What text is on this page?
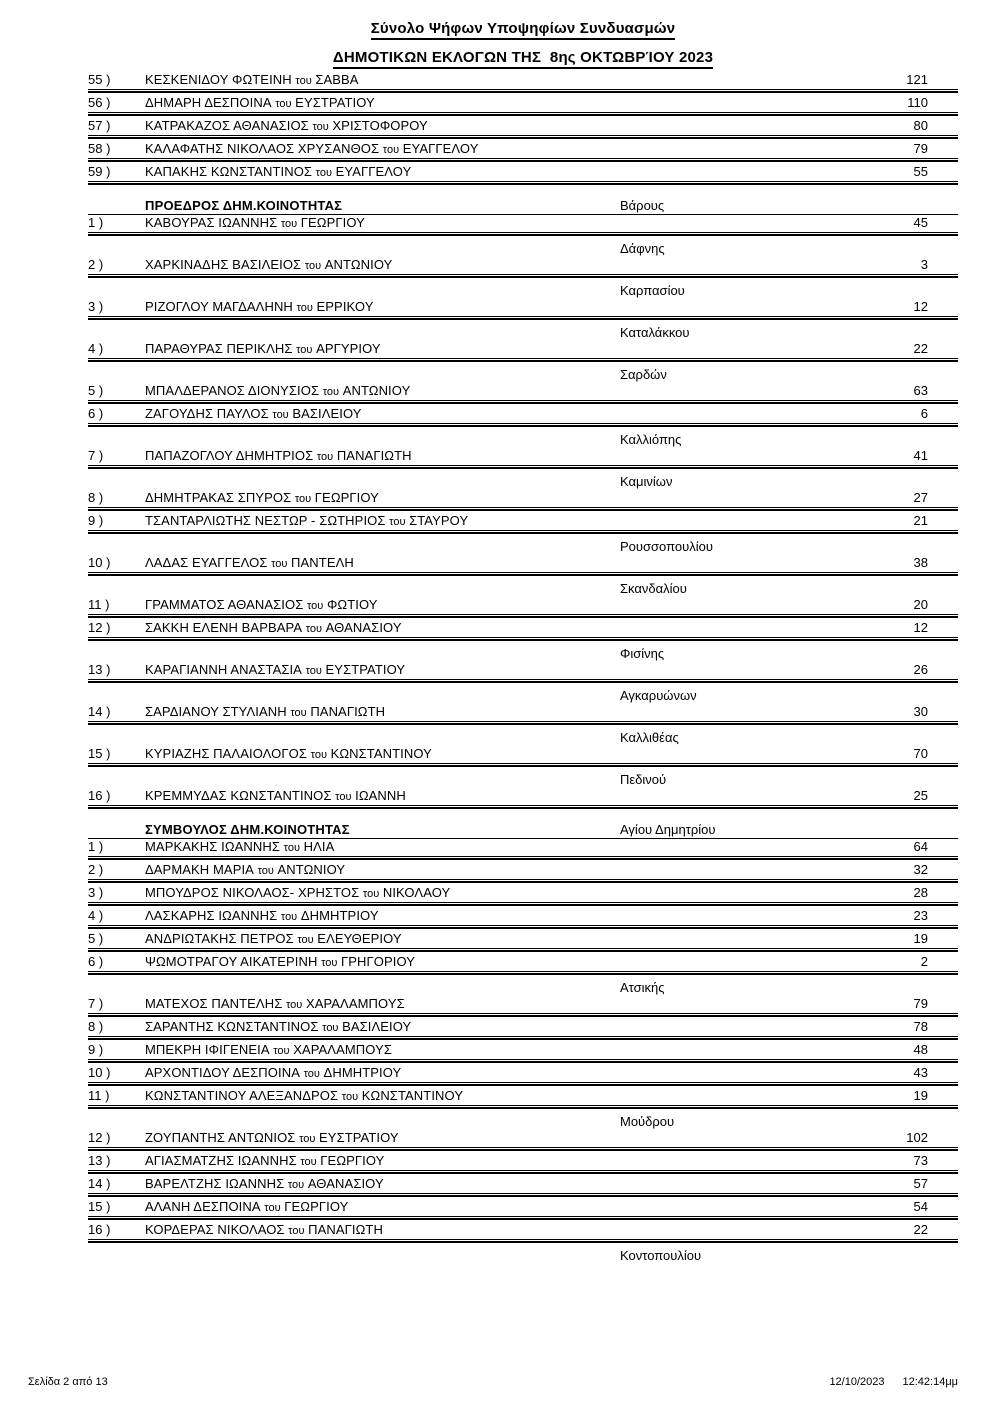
Σύνολο Ψήφων Υποψηφίων Συνδυασμών
ΔΗΜΟΤΙΚΩΝ ΕΚΛΟΓΩΝ ΤΗΣ  8ης ΟΚΤΩΒΡΊΟΥ 2023
55 )	ΚΕΣΚΕΝΙΔΟΥ ΦΩΤΕΙΝΗ του ΣΑΒΒΑ	121
56 )	ΔΗΜΑΡΗ ΔΕΣΠΟΙΝΑ του ΕΥΣΤΡΑΤΙΟΥ	110
57 )	ΚΑΤΡΑΚΑΖΟΣ ΑΘΑΝΑΣΙΟΣ του ΧΡΙΣΤΟΦΟΡΟΥ	80
58 )	ΚΑΛΑΦΑΤΗΣ ΝΙΚΟΛΑΟΣ ΧΡΥΣΑΝΘΟΣ του ΕΥΑΓΓΕΛΟΥ	79
59 )	ΚΑΠΑΚΗΣ ΚΩΝΣΤΑΝΤΙΝΟΣ του ΕΥΑΓΓΕΛΟΥ	55
ΠΡΟΕΔΡΟΣ ΔΗΜ.ΚΟΙΝΟΤΗΤΑΣ	Βάρους
1 )	ΚΑΒΟΥΡΑΣ ΙΩΑΝΝΗΣ του ΓΕΩΡΓΙΟΥ	45
Δάφνης
2 )	ΧΑΡΚΙΝΑΔΗΣ ΒΑΣΙΛΕΙΟΣ του ΑΝΤΩΝΙΟΥ	3
Καρπασίου
3 )	ΡΙΖΟΓΛΟΥ ΜΑΓΔΑΛΗΝΗ του ΕΡΡΙΚΟΥ	12
Καταλάκκου
4 )	ΠΑΡΑΘΥΡΑΣ ΠΕΡΙΚΛΗΣ του ΑΡΓΥΡΙΟΥ	22
Σαρδών
5 )	ΜΠΑΛΔΕΡΑΝΟΣ ΔΙΟΝΥΣΙΟΣ του ΑΝΤΩΝΙΟΥ	63
6 )	ΖΑΓΟΥΔΗΣ ΠΑΥΛΟΣ του ΒΑΣΙΛΕΙΟΥ	6
Καλλιόπης
7 )	ΠΑΠΑΖΟΓΛΟΥ ΔΗΜΗΤΡΙΟΣ του ΠΑΝΑΓΙΩΤΗ	41
Καμινίων
8 )	ΔΗΜΗΤΡΑΚΑΣ ΣΠΥΡΟΣ του ΓΕΩΡΓΙΟΥ	27
9 )	ΤΣΑΝΤΑΡΛΙΩΤΗΣ ΝΕΣΤΩΡ - ΣΩΤΗΡΙΟΣ του ΣΤΑΥΡΟΥ	21
Ρουσσοπουλίου
10 )	ΛΑΔΑΣ ΕΥΑΓΓΕΛΟΣ του ΠΑΝΤΕΛΗ	38
Σκανδαλίου
11 )	ΓΡΑΜΜΑΤΟΣ ΑΘΑΝΑΣΙΟΣ του ΦΩΤΙΟΥ	20
12 )	ΣΑΚΚΗ ΕΛΕΝΗ ΒΑΡΒΑΡΑ του ΑΘΑΝΑΣΙΟΥ	12
Φισίνης
13 )	ΚΑΡΑΓΙΑΝΝΗ ΑΝΑΣΤΑΣΙΑ του ΕΥΣΤΡΑΤΙΟΥ	26
Αγκαρυώνων
14 )	ΣΑΡΔΙΑΝΟΥ ΣΤΥΛΙΑΝΗ του ΠΑΝΑΓΙΩΤΗ	30
Καλλιθέας
15 )	ΚΥΡΙΑΖΗΣ ΠΑΛΑΙΟΛΟΓΟΣ του ΚΩΝΣΤΑΝΤΙΝΟΥ	70
Πεδινού
16 )	ΚΡΕΜΜΥΔΑΣ ΚΩΝΣΤΑΝΤΙΝΟΣ του ΙΩΑΝΝΗ	25
ΣΥΜΒΟΥΛΟΣ ΔΗΜ.ΚΟΙΝΟΤΗΤΑΣ	Αγίου Δημητρίου
1 )	ΜΑΡΚΑΚΗΣ ΙΩΑΝΝΗΣ του ΗΛΙΑ	64
2 )	ΔΑΡΜΑΚΗ ΜΑΡΙΑ του ΑΝΤΩΝΙΟΥ	32
3 )	ΜΠΟΥΔΡΟΣ ΝΙΚΟΛΑΟΣ- ΧΡΗΣΤΟΣ του ΝΙΚΟΛΑΟΥ	28
4 )	ΛΑΣΚΑΡΗΣ ΙΩΑΝΝΗΣ του ΔΗΜΗΤΡΙΟΥ	23
5 )	ΑΝΔΡΙΩΤΑΚΗΣ ΠΕΤΡΟΣ του ΕΛΕΥΘΕΡΙΟΥ	19
6 )	ΨΩΜΟΤΡΑΓΟΥ ΑΙΚΑΤΕΡΙΝΗ του ΓΡΗΓΟΡΙΟΥ	2
Ατσικής
7 )	ΜΑΤΕΧΟΣ ΠΑΝΤΕΛΗΣ του ΧΑΡΑΛΑΜΠΟΥΣ	79
8 )	ΣΑΡΑΝΤΗΣ ΚΩΝΣΤΑΝΤΙΝΟΣ του ΒΑΣΙΛΕΙΟΥ	78
9 )	ΜΠΕΚΡΗ ΙΦΙΓΕΝΕΙΑ του ΧΑΡΑΛΑΜΠΟΥΣ	48
10 )	ΑΡΧΟΝΤΙΔΟΥ ΔΕΣΠΟΙΝΑ του ΔΗΜΗΤΡΙΟΥ	43
11 )	ΚΩΝΣΤΑΝΤΙΝΟΥ ΑΛΕΞΑΝΔΡΟΣ του ΚΩΝΣΤΑΝΤΙΝΟΥ	19
Μούδρου
12 )	ΖΟΥΠΑΝΤΗΣ ΑΝΤΩΝΙΟΣ του ΕΥΣΤΡΑΤΙΟΥ	102
13 )	ΑΓΙΑΣΜΑΤΖΗΣ ΙΩΑΝΝΗΣ του ΓΕΩΡΓΙΟΥ	73
14 )	ΒΑΡΕΛΤΖΗΣ ΙΩΑΝΝΗΣ του ΑΘΑΝΑΣΙΟΥ	57
15 )	ΑΛΑΝΗ ΔΕΣΠΟΙΝΑ του ΓΕΩΡΓΙΟΥ	54
16 )	ΚΟΡΔΕΡΑΣ ΝΙΚΟΛΑΟΣ του ΠΑΝΑΓΙΩΤΗ	22
Κοντοπουλίου
Σελίδα 2 από 13	12/10/2023 12:42:14μμ
